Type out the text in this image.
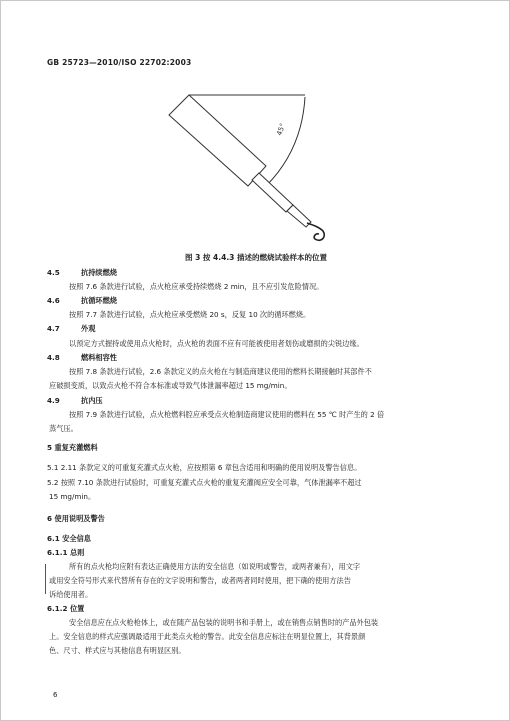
GB 25723—2010/ISO 22702:2003
45°
图 3 按 4.4.3 描述的燃烧试验样本的位置
4.5	抗持续燃烧
按照 7.6 条款进行试验，点火枪应承受持续燃烧 2 min，且不应引发危险情况。
4.6	抗循环燃烧
按照 7.7 条款进行试验，点火枪应承受燃烧 20 s，反复 10 次的循环燃烧。
4.7	外观
以预定方式握持或使用点火枪时，点火枪的表面不应有可能被使用者划伤或磨损的尖锐边缘。
4.8	燃料相容性
按照 7.8 条款进行试验，2.6 条款定义的点火枪在与制造商建议使用的燃料长期接触时其部件不
应破损变质，以致点火枪不符合本标准或导致气体泄漏率超过 15 mg/min。
4.9	抗内压
按照 7.9 条款进行试验，点火枪燃料腔应承受点火枪制造商建议使用的燃料在 55 ℃ 时产生的 2 倍
蒸气压。
5 重复充灌燃料
5.1 2.11 条款定义的可重复充灌式点火枪，应按照第 6 章包含适用和明确的使用说明及警告信息。
5.2 按照 7.10 条款进行试验时，可重复充灌式点火枪的重复充灌阀应安全可靠，气体泄漏率不超过
15 mg/min。
6 使用说明及警告
6.1 安全信息
6.1.1 总则
所有的点火枪均应附有表达正确使用方法的安全信息（如说明或警告，或两者兼有），用文字
或用安全符号形式来代替所有存在的文字说明和警告，或者两者同时使用，把下确的使用方法告
诉给使用者。
6.1.2 位置
安全信息应在点火枪枪体上，或在随产品包装的说明书和手册上，或在销售点销售时的产品外包装
上。安全信息的样式应强调最适用于此类点火枪的警告。此安全信息应标注在明显位置上，其背景颜
色、尺寸、样式应与其他信息有明显区别。
6
